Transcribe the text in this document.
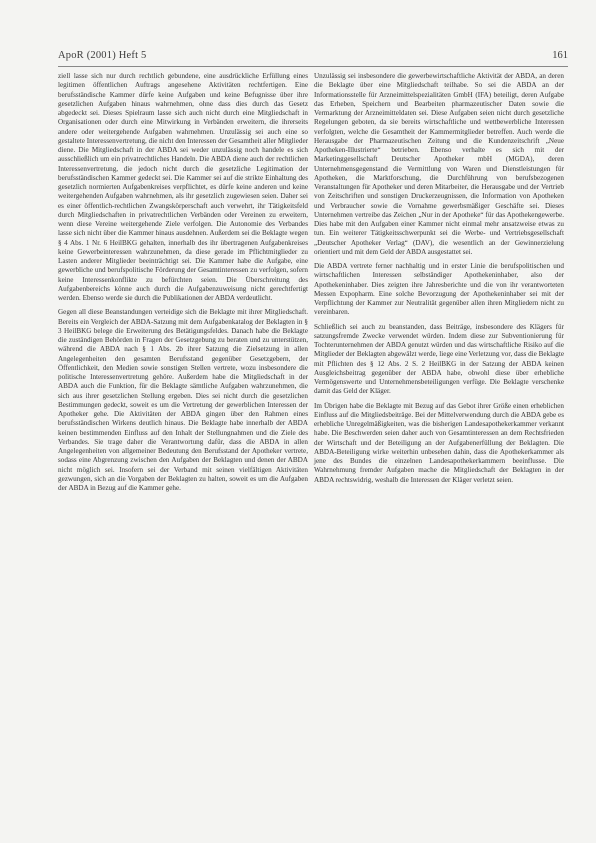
ApoR (2001) Heft 5	161

ziell lasse sich nur durch rechtlich gebundene, eine ausdrückliche Erfüllung eines legitimen öffentlichen Auftrags angesehene Aktivitäten rechtfertigen. Eine berufsständische Kammer dürfe keine Aufgaben und keine Befugnisse über ihre gesetzlichen Aufgaben hinaus wahrnehmen, ohne dass dies durch das Gesetz abgedeckt sei. Dieses Spielraum lasse sich auch nicht durch eine Mitgliedschaft in Organisationen oder durch eine Mitwirkung in Verbänden erweitern, die ihrerseits andere oder weitergehende Aufgaben wahrnehmen. Unzulässig sei auch eine so gestaltete Interessenvertretung, die nicht den Interessen der Gesamtheit aller Mitglieder diene. Die Mitgliedschaft in der ABDA sei weder unzulässig noch handele es sich ausschließlich um ein privatrechtliches Handeln. Die ABDA diene auch der rechtlichen Interessenvertretung, die jedoch nicht durch die gesetzliche Legitimation der berufsständischen Kammer gedeckt sei. Die Kammer sei auf die strikte Einhaltung des gesetzlich normierten Aufgabenkreises verpflichtet, es dürfe keine anderen und keine weitergehenden Aufgaben wahrnehmen, als ihr gesetzlich zugewiesen seien. Daher sei es einer öffentlich-rechtlichen Zwangskörperschaft auch verwehrt, ihr Tätigkeitsfeld durch Mitgliedschaften in privatrechtlichen Verbänden oder Vereinen zu erweitern, wenn diese Vereine weitergehende Ziele verfolgen. Die Autonomie des Verbandes lasse sich nicht über die Kammer hinaus ausdehnen. Außerdem sei die Beklagte wegen § 4 Abs. 1 Nr. 6 HeilBKG gehalten, innerhalb des ihr übertragenen Aufgabenkreises keine Gewerbeinteressen wahrzunehmen, da diese gerade im Pflichtmitglieder zu Lasten anderer Mitglieder beeinträchtigt sei. Die Kammer habe die Aufgabe, eine gewerbliche und berufspolitische Förderung der Gesamtinteressen zu verfolgen, sofern keine Interessenkonflikte zu befürchten seien. Die Überschreitung des Aufgabenbereichs könne auch durch die Aufgabenzuweisung nicht gerechtfertigt werden. Ebenso werde sie durch die Publikationen der ABDA verdeutlicht.

Gegen all diese Beanstandungen verteidige sich die Beklagte mit ihrer Mitgliedschaft. Bereits ein Vergleich der ABDA-Satzung mit dem Aufgabenkatalog der Beklagten in § 3 HeilBKG belege die Erweiterung des Betätigungsfeldes. Danach habe die Beklagte die zuständigen Behörden in Fragen der Gesetzgebung zu beraten und zu unterstützen, während die ABDA nach § 1 Abs. 2b ihrer Satzung die Zielsetzung in allen Angelegenheiten den gesamten Berufsstand gegenüber Gesetzgebern, der Öffentlichkeit, den Medien sowie sonstigen Stellen vertrete, wozu insbesondere die politische Interessenvertretung gehöre. Außerdem habe die Mitgliedschaft in der ABDA auch die Funktion, für die Beklagte sämtliche Aufgaben wahrzunehmen, die sich aus ihrer gesetzlichen Stellung ergeben. Dies sei nicht durch die gesetzlichen Bestimmungen gedeckt, soweit es um die Vertretung der gewerblichen Interessen der Apotheker gehe. Die Aktivitäten der ABDA gingen über den Rahmen eines berufsständischen Wirkens deutlich hinaus. Die Beklagte habe innerhalb der ABDA keinen bestimmenden Einfluss auf den Inhalt der Stellungnahmen und die Ziele des Verbandes. Sie trage daher die Verantwortung dafür, dass die ABDA in allen Angelegenheiten von allgemeiner Bedeutung den Berufsstand der Apotheker vertrete, sodass eine Abgrenzung zwischen den Aufgaben der Beklagten und denen der ABDA nicht möglich sei. Insofern sei der Verband mit seinen vielfältigen Aktivitäten gezwungen, sich an die Vorgaben der Beklagten zu halten, soweit es um die Aufgaben der ABDA in Bezug auf die Kammer gehe.

Unzulässig sei insbesondere die gewerbewirtschaftliche Aktivität der ABDA, an deren die Beklagte über eine Mitgliedschaft teilhabe. So sei die ABDA an der Informationsstelle für Arzneimittelspezialitäten GmbH (IFA) beteiligt, deren Aufgabe das Erheben, Speichern und Bearbeiten pharmazeutischer Daten sowie die Vermarktung der Arzneimitteldaten sei. Diese Aufgaben seien nicht durch gesetzliche Regelungen geboten, da sie bereits wirtschaftliche und wettbewerbliche Interessen verfolgten, welche die Gesamtheit der Kammermitglieder betreffen. Auch werde die Herausgabe der Pharmazeutischen Zeitung und die Kundenzeitschrift „Neue Apotheken-Illustrierte“ betrieben. Ebenso verhalte es sich mit der Marketinggesellschaft Deutscher Apotheker mbH (MGDA), deren Unternehmensgegenstand die Vermittlung von Waren und Dienstleistungen für Apotheken, die Marktforschung, die Durchführung von berufsbezogenen Veranstaltungen für Apotheker und deren Mitarbeiter, die Herausgabe und der Vertrieb von Zeitschriften und sonstigen Druckerzeugnissen, die Information von Apotheken und Verbraucher sowie die Vornahme gewerbsmäßiger Geschäfte sei. Dieses Unternehmen vertreibe das Zeichen „Nur in der Apotheke“ für das Apothekengewerbe. Dies habe mit den Aufgaben einer Kammer nicht einmal mehr ansatzweise etwas zu tun. Ein weiterer Tätigkeitsschwerpunkt sei die Werbe- und Vertriebsgesellschaft „Deutscher Apotheker Verlag“ (DAV), die wesentlich an der Gewinnerzielung orientiert und mit dem Geld der ABDA ausgestattet sei.

Die ABDA vertrete ferner nachhaltig und in erster Linie die berufspolitischen und wirtschaftlichen Interessen selbständiger Apothekeninhaber, also der Apothekeninhaber. Dies zeigten ihre Jahresberichte und die von ihr verantworteten Messen Expopharm. Eine solche Bevorzugung der Apothekeninhaber sei mit der Verpflichtung der Kammer zur Neutralität gegenüber allen ihren Mitgliedern nicht zu vereinbaren.

Schließlich sei auch zu beanstanden, dass Beiträge, insbesondere des Klägers für satzungsfremde Zwecke verwendet würden. Indem diese zur Subventionierung für Tochterunternehmen der ABDA genutzt würden und das wirtschaftliche Risiko auf die Mitglieder der Beklagten abgewälzt werde, liege eine Verletzung vor, dass die Beklagte mit Pflichten des § 12 Abs. 2 S. 2 HeilBKG in der Satzung der ABDA keinen Ausgleichsbeitrag gegenüber der ABDA habe, obwohl diese über erhebliche Vermögenswerte und Unternehmensbeteiligungen verfüge. Die Beklagte verschenke damit das Geld der Kläger.

Im Übrigen habe die Beklagte mit Bezug auf das Gebot ihrer Größe einen erheblichen Einfluss auf die Mitgliedsbeiträge. Bei der Mittelverwendung durch die ABDA gebe es erhebliche Unregelmäßigkeiten, was die bisherigen Landesapothekerkammer verkannt habe. Die Beschwerden seien daher auch von Gesamtinteressen an dem Rechtsfrieden der Wirtschaft und der Beteiligung an der Aufgabenerfüllung der Beklagten. Die ABDA-Beteiligung wirke weiterhin unbesehen dahin, dass die Apothekerkammer als jene des Bundes die einzelnen Landesapothekerkammern beeinflusse. Die Wahrnehmung fremder Aufgaben mache die Mitgliedschaft der Beklagten in der ABDA rechtswidrig, weshalb die Interessen der Kläger verletzt seien.
